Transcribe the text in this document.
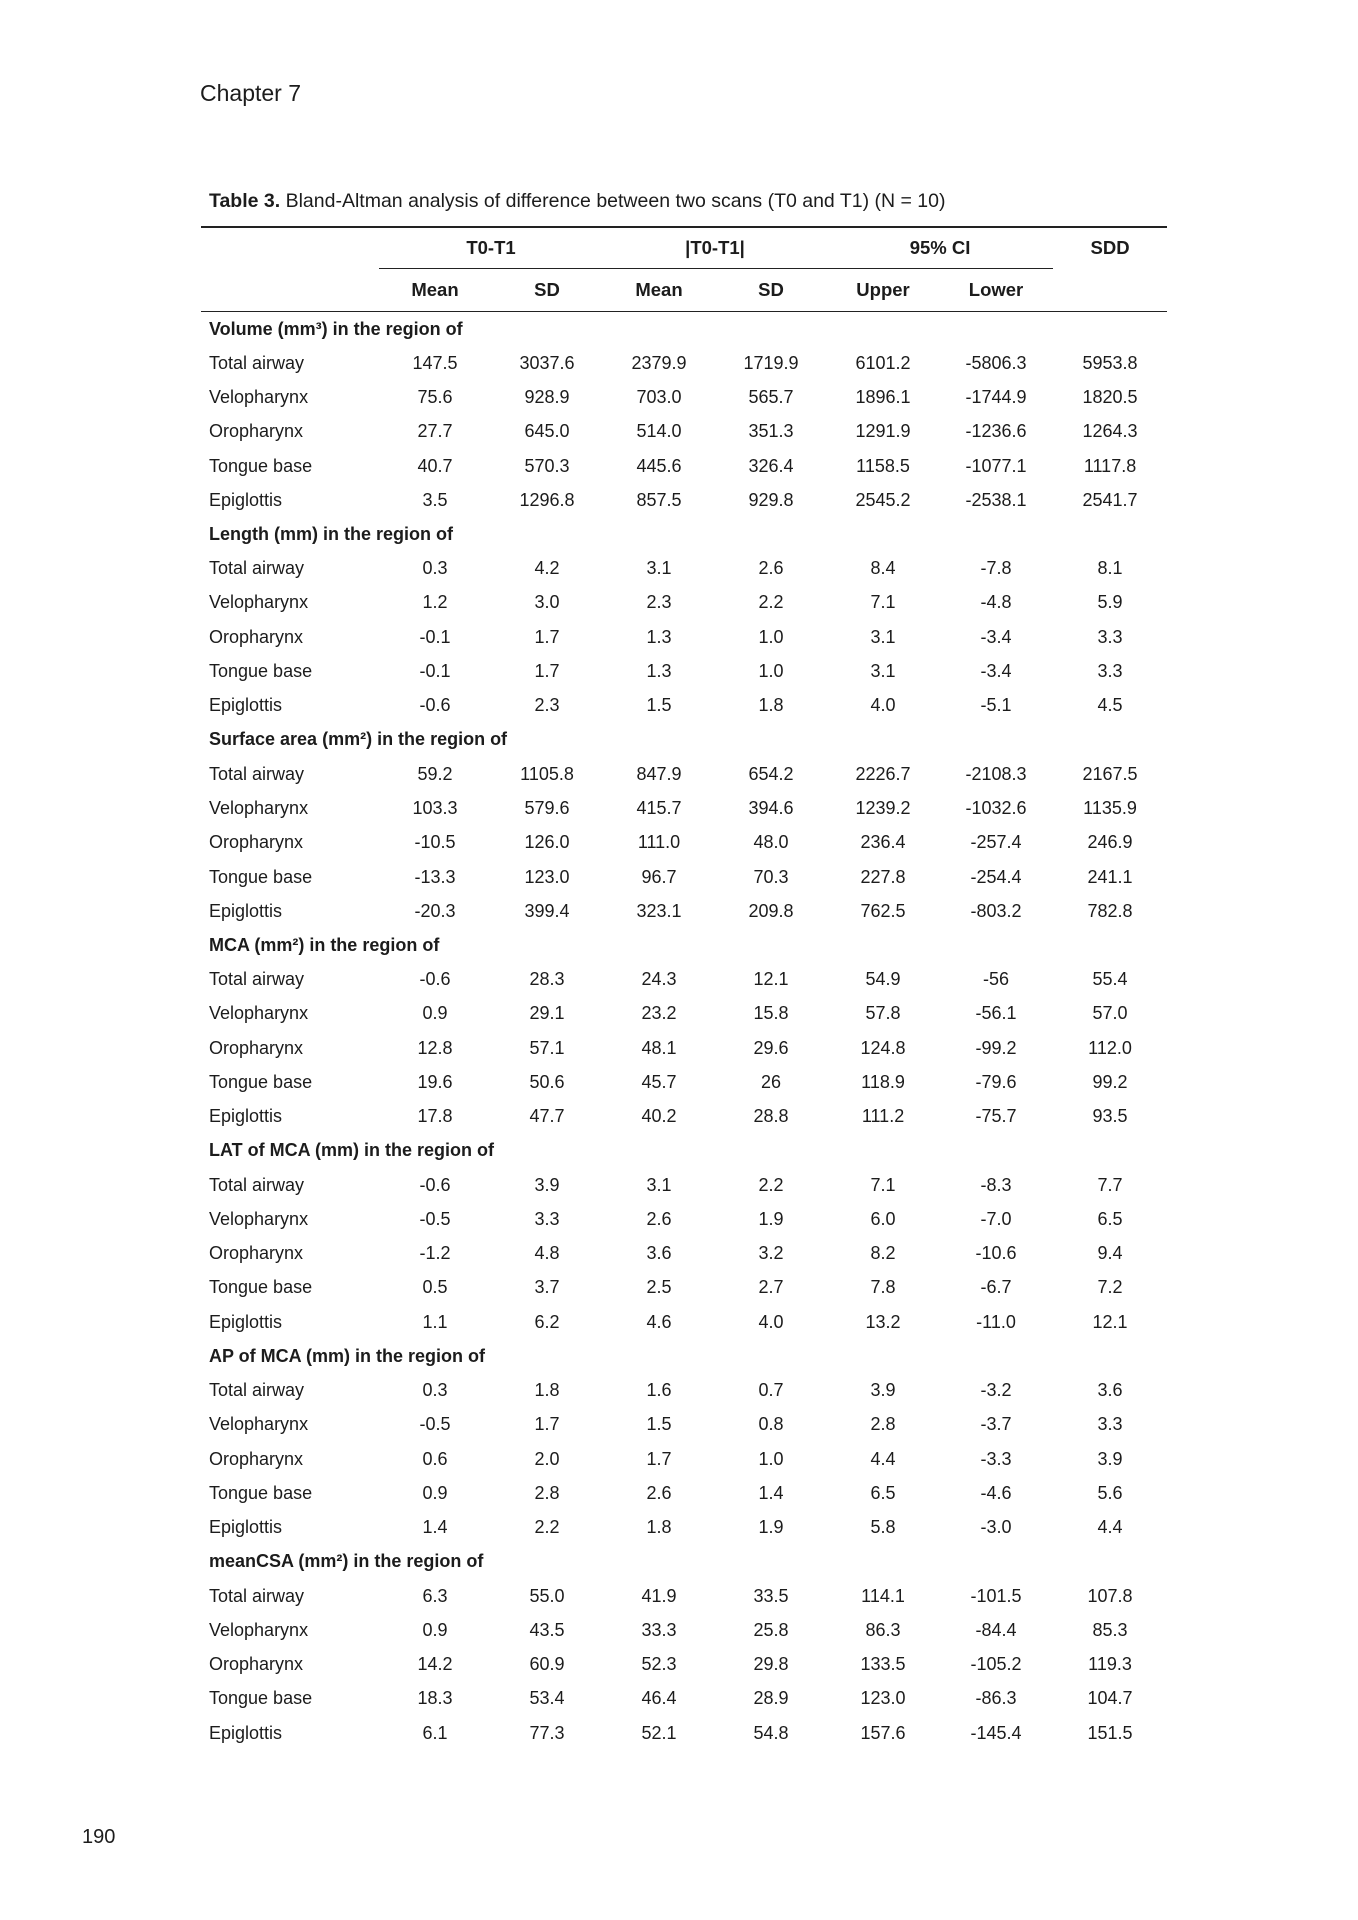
Chapter 7
Table 3. Bland-Altman analysis of difference between two scans (T0 and T1) (N = 10)
	T0-T1		|T0-T1|		95% CI		SDD
	Mean	SD	Mean	SD	Upper	Lower	
Volume (mm³) in the region of							
Total airway	147.5	3037.6	2379.9	1719.9	6101.2	-5806.3	5953.8
Velopharynx	75.6	928.9	703.0	565.7	1896.1	-1744.9	1820.5
Oropharynx	27.7	645.0	514.0	351.3	1291.9	-1236.6	1264.3
Tongue base	40.7	570.3	445.6	326.4	1158.5	-1077.1	1117.8
Epiglottis	3.5	1296.8	857.5	929.8	2545.2	-2538.1	2541.7
Length (mm) in the region of							
Total airway	0.3	4.2	3.1	2.6	8.4	-7.8	8.1
Velopharynx	1.2	3.0	2.3	2.2	7.1	-4.8	5.9
Oropharynx	-0.1	1.7	1.3	1.0	3.1	-3.4	3.3
Tongue base	-0.1	1.7	1.3	1.0	3.1	-3.4	3.3
Epiglottis	-0.6	2.3	1.5	1.8	4.0	-5.1	4.5
Surface area (mm²) in the region of							
Total airway	59.2	1105.8	847.9	654.2	2226.7	-2108.3	2167.5
Velopharynx	103.3	579.6	415.7	394.6	1239.2	-1032.6	1135.9
Oropharynx	-10.5	126.0	111.0	48.0	236.4	-257.4	246.9
Tongue base	-13.3	123.0	96.7	70.3	227.8	-254.4	241.1
Epiglottis	-20.3	399.4	323.1	209.8	762.5	-803.2	782.8
MCA (mm²) in the region of							
Total airway	-0.6	28.3	24.3	12.1	54.9	-56	55.4
Velopharynx	0.9	29.1	23.2	15.8	57.8	-56.1	57.0
Oropharynx	12.8	57.1	48.1	29.6	124.8	-99.2	112.0
Tongue base	19.6	50.6	45.7	26	118.9	-79.6	99.2
Epiglottis	17.8	47.7	40.2	28.8	111.2	-75.7	93.5
LAT of MCA (mm) in the region of							
Total airway	-0.6	3.9	3.1	2.2	7.1	-8.3	7.7
Velopharynx	-0.5	3.3	2.6	1.9	6.0	-7.0	6.5
Oropharynx	-1.2	4.8	3.6	3.2	8.2	-10.6	9.4
Tongue base	0.5	3.7	2.5	2.7	7.8	-6.7	7.2
Epiglottis	1.1	6.2	4.6	4.0	13.2	-11.0	12.1
AP of MCA (mm) in the region of							
Total airway	0.3	1.8	1.6	0.7	3.9	-3.2	3.6
Velopharynx	-0.5	1.7	1.5	0.8	2.8	-3.7	3.3
Oropharynx	0.6	2.0	1.7	1.0	4.4	-3.3	3.9
Tongue base	0.9	2.8	2.6	1.4	6.5	-4.6	5.6
Epiglottis	1.4	2.2	1.8	1.9	5.8	-3.0	4.4
meanCSA (mm²) in the region of							
Total airway	6.3	55.0	41.9	33.5	114.1	-101.5	107.8
Velopharynx	0.9	43.5	33.3	25.8	86.3	-84.4	85.3
Oropharynx	14.2	60.9	52.3	29.8	133.5	-105.2	119.3
Tongue base	18.3	53.4	46.4	28.9	123.0	-86.3	104.7
Epiglottis	6.1	77.3	52.1	54.8	157.6	-145.4	151.5
190
